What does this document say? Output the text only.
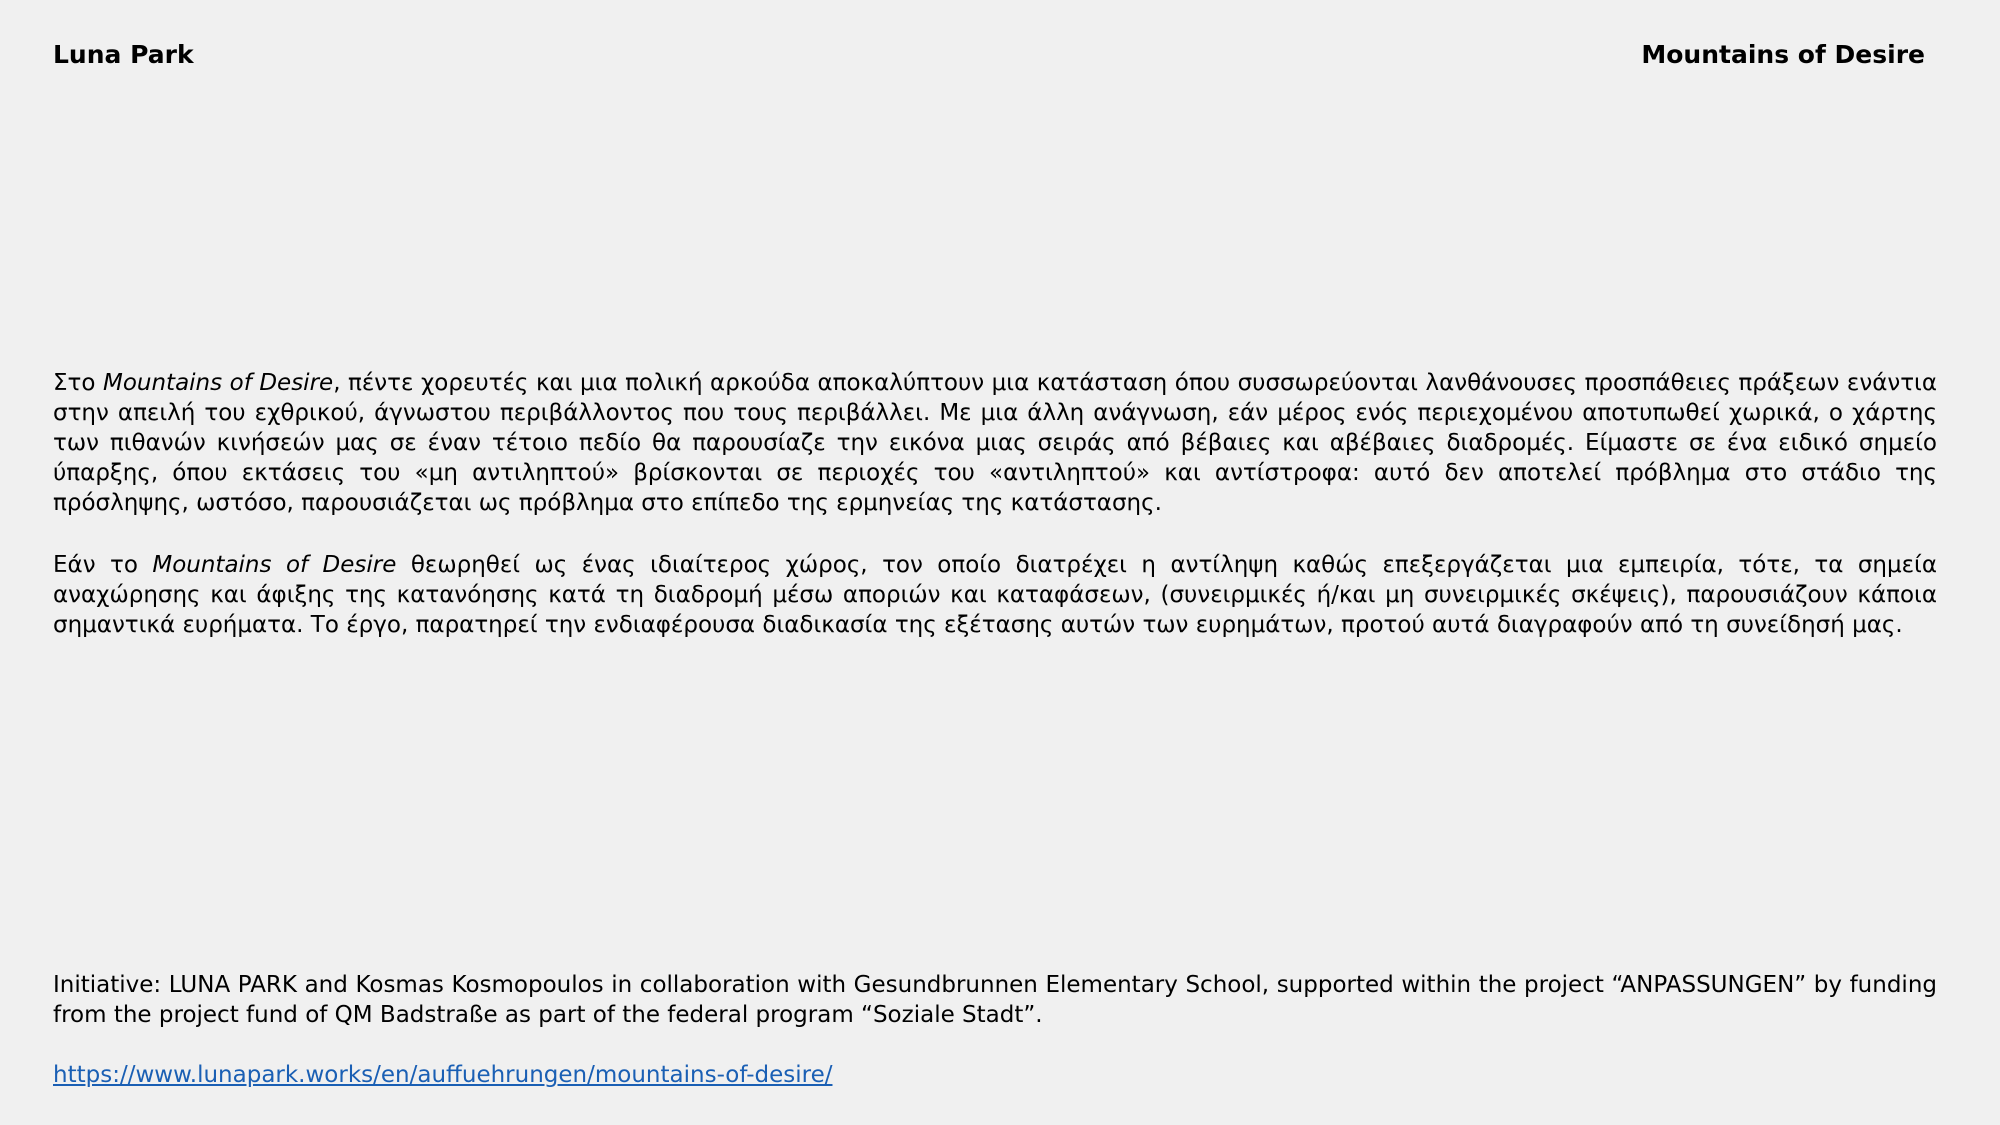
Luna Park	Mountains of Desire

Στο Mountains of Desire, πέντε χορευτές και μια πολική αρκούδα αποκαλύπτουν μια κατάσταση όπου συσσωρεύονται λανθάνουσες προσπάθειες πράξεων ενάντια στην απειλή του εχθρικού, άγνωστου περιβάλλοντος που τους περιβάλλει. Με μια άλλη ανάγνωση, εάν μέρος ενός περιεχομένου αποτυπωθεί χωρικά, ο χάρτης των πιθανών κινήσεών μας σε έναν τέτοιο πεδίο θα παρουσίαζε την εικόνα μιας σειράς από βέβαιες και αβέβαιες διαδρομές. Είμαστε σε ένα ειδικό σημείο ύπαρξης, όπου εκτάσεις του «μη αντιληπτού» βρίσκονται σε περιοχές του «αντιληπτού» και αντίστροφα: αυτό δεν αποτελεί πρόβλημα στο στάδιο της πρόσληψης, ωστόσο, παρουσιάζεται ως πρόβλημα στο επίπεδο της ερμηνείας της κατάστασης.

Εάν το Mountains of Desire θεωρηθεί ως ένας ιδιαίτερος χώρος, τον οποίο διατρέχει η αντίληψη καθώς επεξεργάζεται μια εμπειρία, τότε, τα σημεία αναχώρησης και άφιξης της κατανόησης κατά τη διαδρομή μέσω αποριών και καταφάσεων, (συνειρμικές ή/και μη συνειρμικές σκέψεις), παρουσιάζουν κάποια σημαντικά ευρήματα. Το έργο, παρατηρεί την ενδιαφέρουσα διαδικασία της εξέτασης αυτών των ευρημάτων, προτού αυτά διαγραφούν από τη συνείδησή μας.

Initiative: LUNA PARK and Kosmas Kosmopoulos in collaboration with Gesundbrunnen Elementary School, supported within the project “ANPASSUNGEN” by funding from the project fund of QM Badstraße as part of the federal program “Soziale Stadt”.

https://www.lunapark.works/en/auffuehrungen/mountains-of-desire/
